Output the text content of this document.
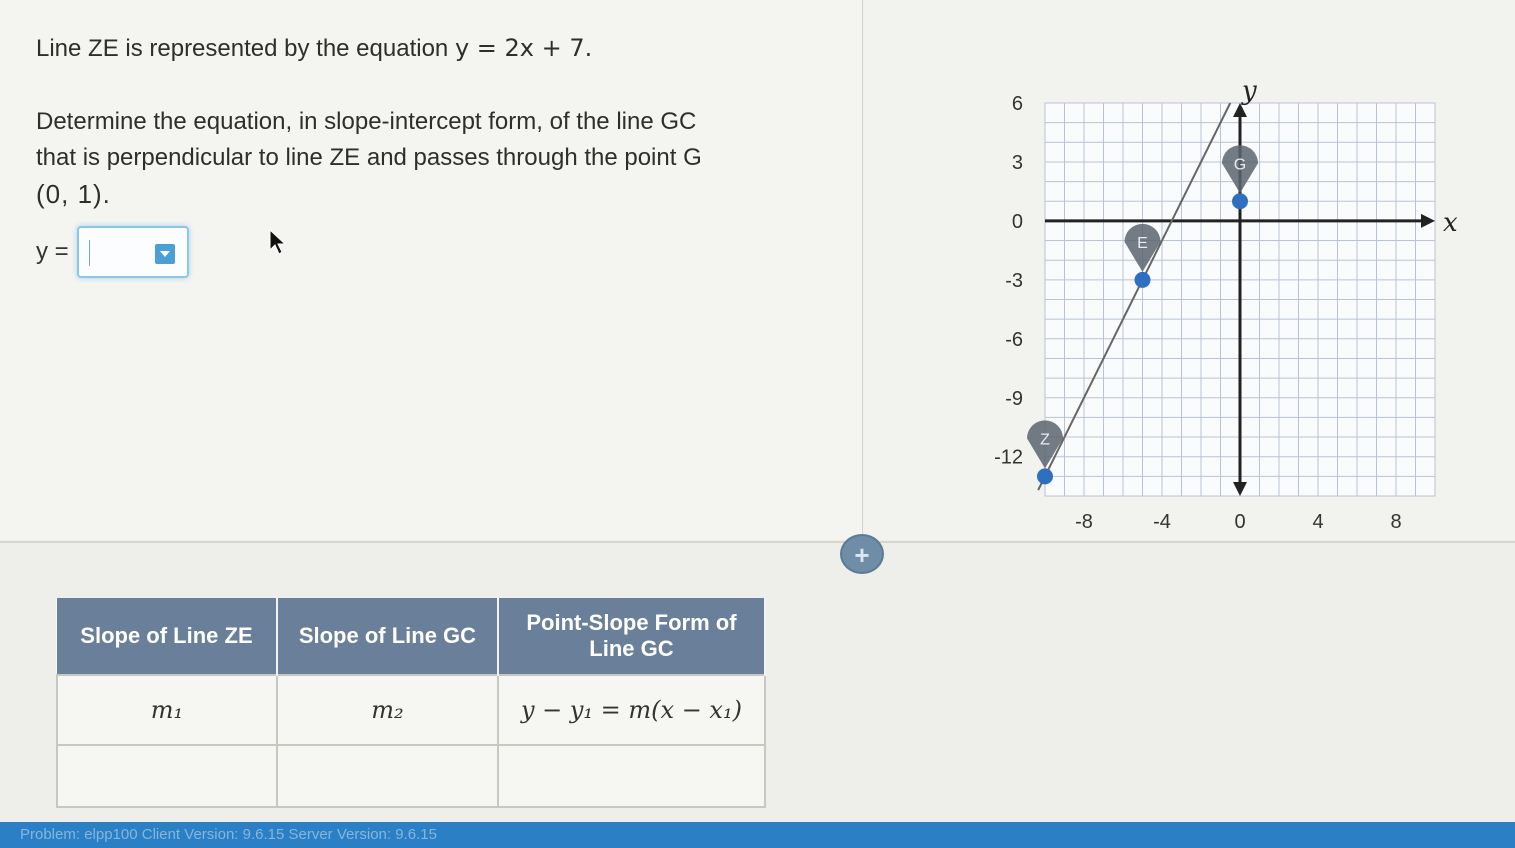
Line ZE is represented by the equation y = 2x + 7.
Determine the equation, in slope-intercept form, of the line GC
that is perpendicular to line ZE and passes through the point G
(0, 1).
y =
-8	-4	0	4	8
6
3
0
-3
-6
-9
-12
G
E
Z
x
y
+
Slope of Line ZE	Slope of Line GC	Point-Slope Form of Line GC
m₁	m₂	y − y₁ = m(x − x₁)

Problem: elpp100 Client Version: 9.6.15 Server Version: 9.6.15
